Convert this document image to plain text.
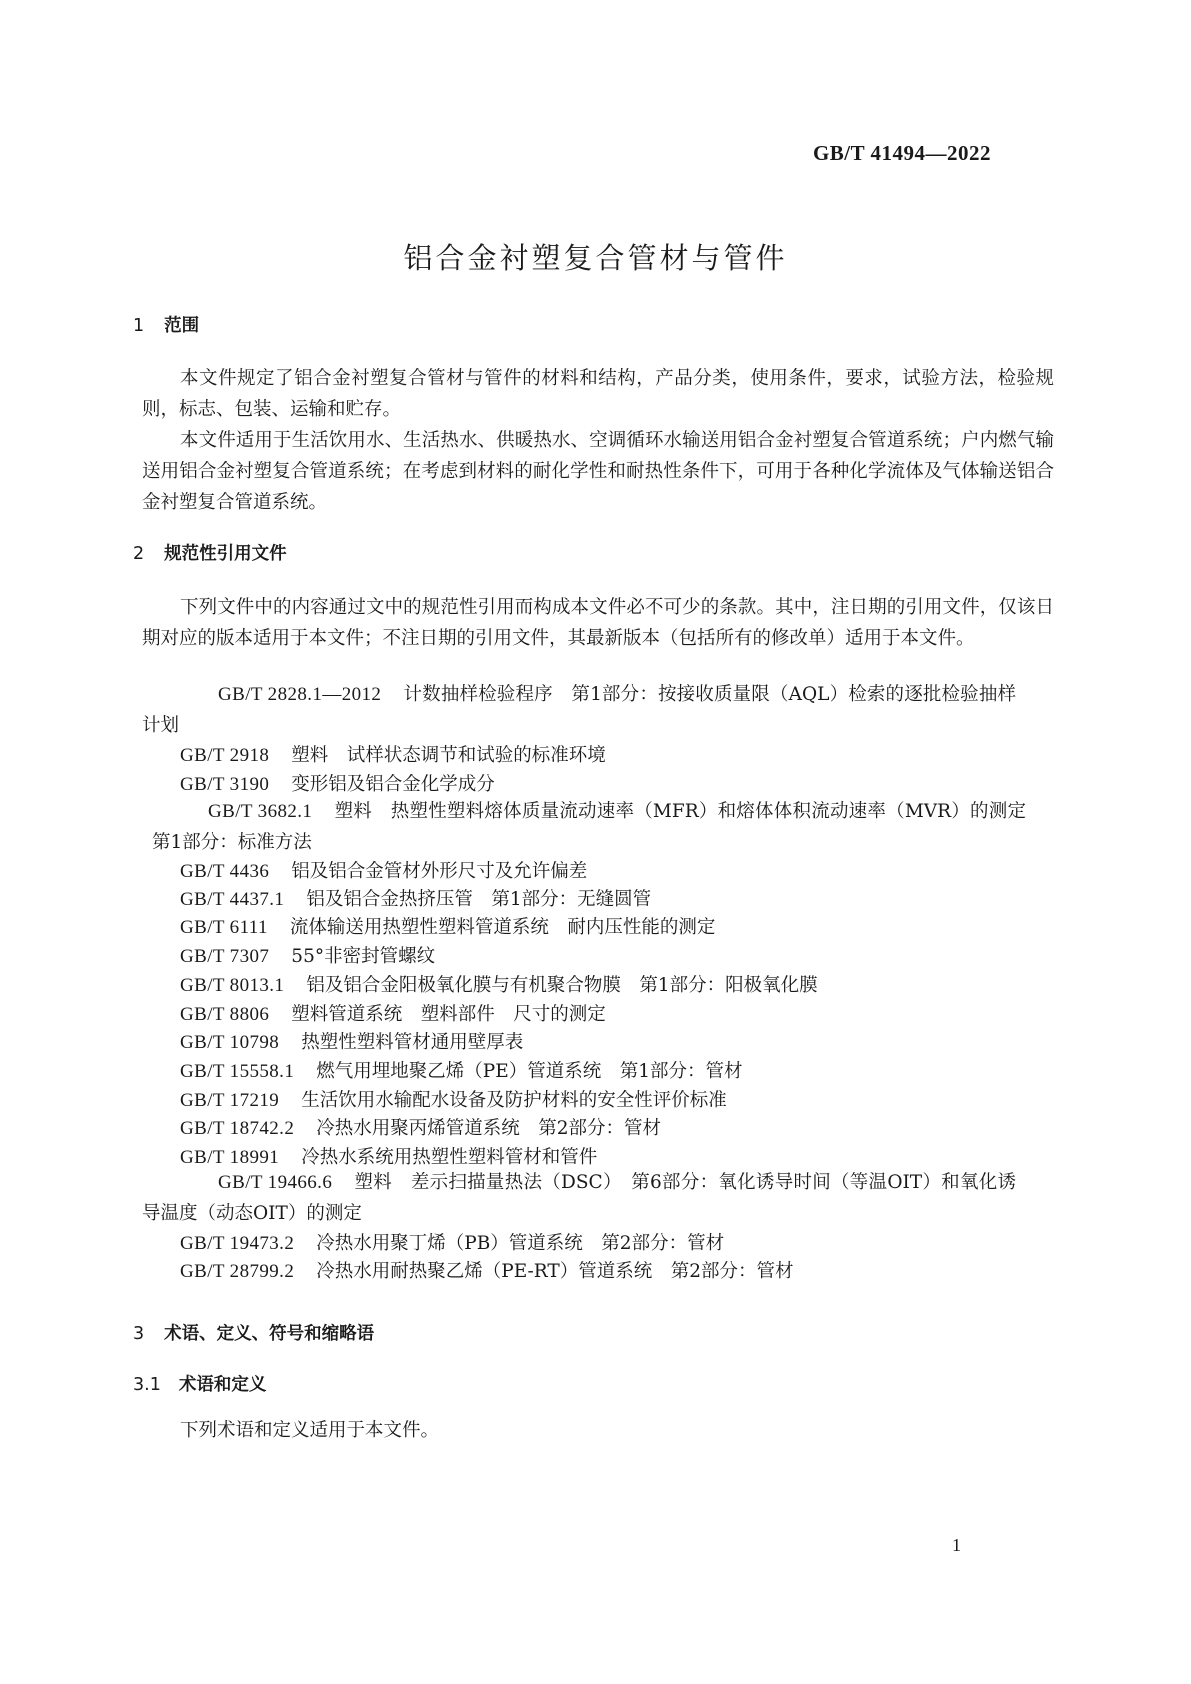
GB/T 41494—2022
铝合金衬塑复合管材与管件
1 范围
本文件规定了铝合金衬塑复合管材与管件的材料和结构，产品分类，使用条件，要求，试验方法，检验规则，标志、包装、运输和贮存。
本文件适用于生活饮用水、生活热水、供暖热水、空调循环水输送用铝合金衬塑复合管道系统；户内燃气输送用铝合金衬塑复合管道系统；在考虑到材料的耐化学性和耐热性条件下，可用于各种化学流体及气体输送铝合金衬塑复合管道系统。
2 规范性引用文件
下列文件中的内容通过文中的规范性引用而构成本文件必不可少的条款。其中，注日期的引用文件，仅该日期对应的版本适用于本文件；不注日期的引用文件，其最新版本（包括所有的修改单）适用于本文件。
GB/T 2828.1—2012 计数抽样检验程序　第1部分：按接收质量限（AQL）检索的逐批检验抽样计划
GB/T 2918 塑料　试样状态调节和试验的标准环境
GB/T 3190 变形铝及铝合金化学成分
GB/T 3682.1 塑料　热塑性塑料熔体质量流动速率（MFR）和熔体体积流动速率（MVR）的测定　第1部分：标准方法
GB/T 4436 铝及铝合金管材外形尺寸及允许偏差
GB/T 4437.1 铝及铝合金热挤压管　第1部分：无缝圆管
GB/T 6111 流体输送用热塑性塑料管道系统　耐内压性能的测定
GB/T 7307 55°非密封管螺纹
GB/T 8013.1 铝及铝合金阳极氧化膜与有机聚合物膜　第1部分：阳极氧化膜
GB/T 8806 塑料管道系统　塑料部件　尺寸的测定
GB/T 10798 热塑性塑料管材通用壁厚表
GB/T 15558.1 燃气用埋地聚乙烯（PE）管道系统　第1部分：管材
GB/T 17219 生活饮用水输配水设备及防护材料的安全性评价标准
GB/T 18742.2 冷热水用聚丙烯管道系统　第2部分：管材
GB/T 18991 冷热水系统用热塑性塑料管材和管件
GB/T 19466.6 塑料　差示扫描量热法（DSC）　第6部分：氧化诱导时间（等温OIT）和氧化诱导温度（动态OIT）的测定
GB/T 19473.2 冷热水用聚丁烯（PB）管道系统　第2部分：管材
GB/T 28799.2 冷热水用耐热聚乙烯（PE-RT）管道系统　第2部分：管材
3 术语、定义、符号和缩略语
3.1 术语和定义
下列术语和定义适用于本文件。
1
